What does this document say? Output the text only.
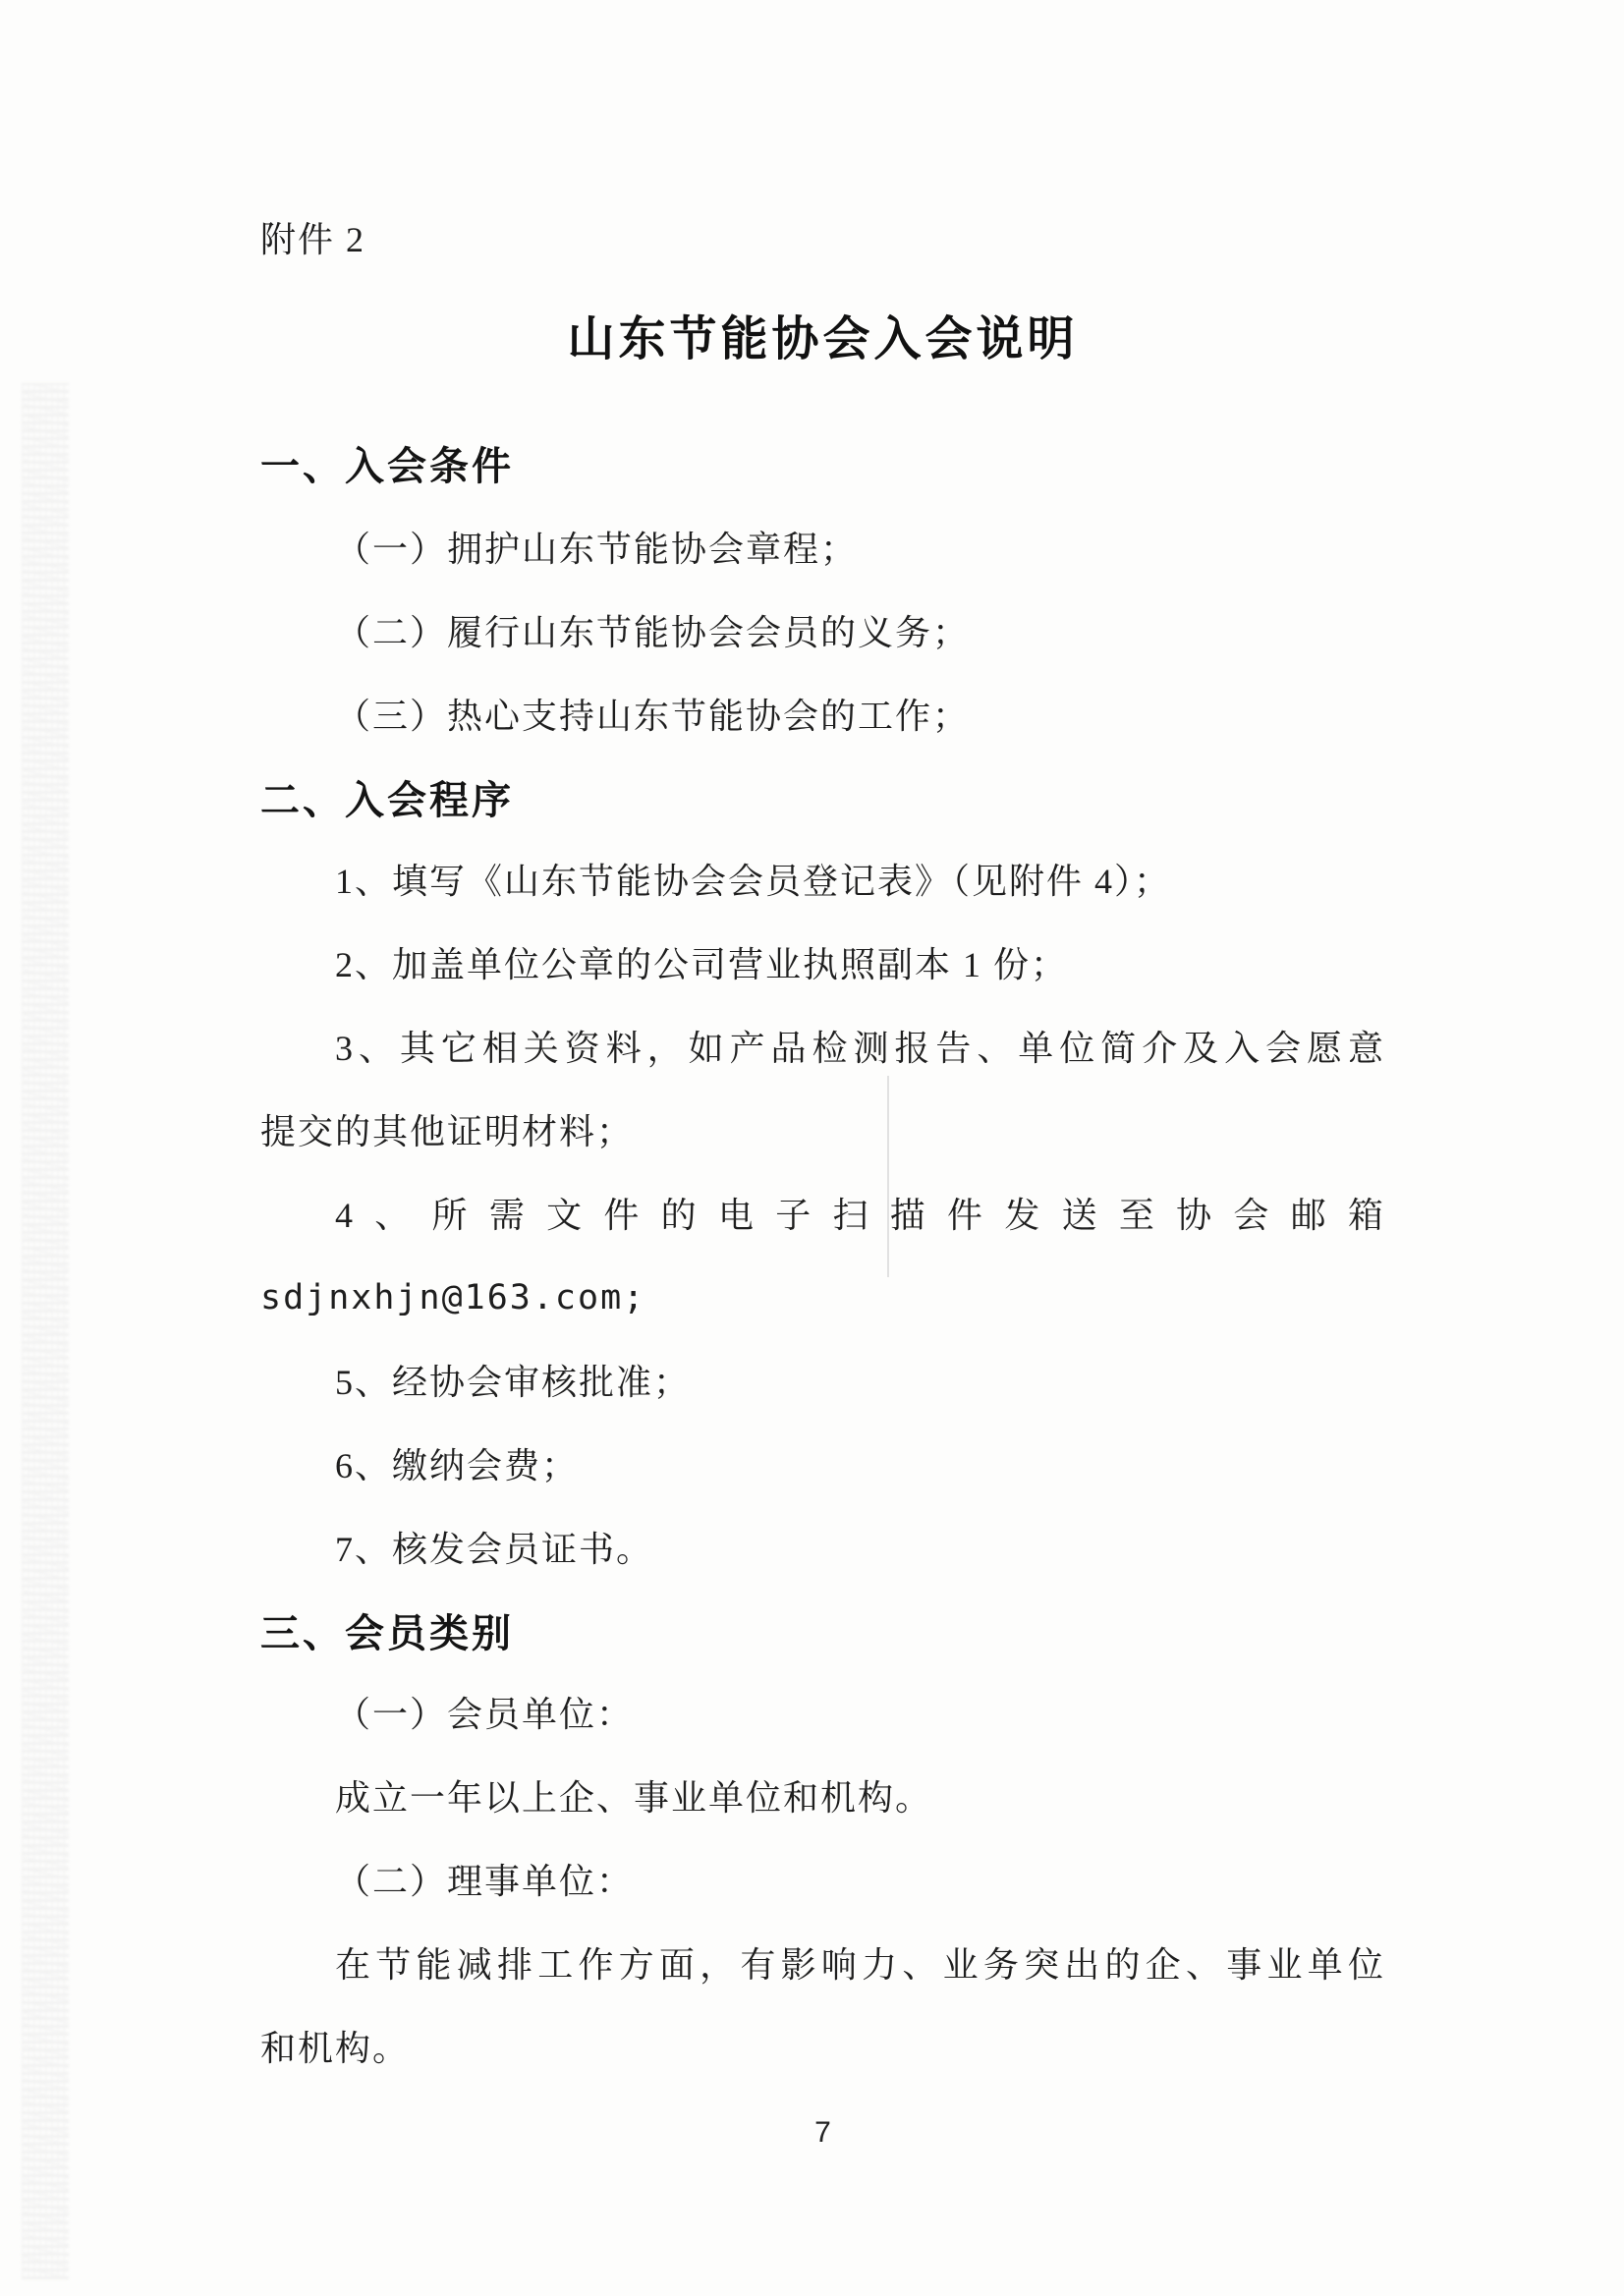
附件 2
山东节能协会入会说明
一、入会条件
（一）拥护山东节能协会章程；
（二）履行山东节能协会会员的义务；
（三）热心支持山东节能协会的工作；
二、入会程序
1、填写《山东节能协会会员登记表》（见附件 4）；
2、加盖单位公章的公司营业执照副本 1 份；
3、其它相关资料，如产品检测报告、单位简介及入会愿意
提交的其他证明材料；
4、所需文件的电子扫描件发送至协会邮箱
sdjnxhjn@163.com;
5、经协会审核批准；
6、缴纳会费；
7、核发会员证书。
三、会员类别
（一）会员单位：
成立一年以上企、事业单位和机构。
（二）理事单位：
在节能减排工作方面，有影响力、业务突出的企、事业单位
和机构。
7
